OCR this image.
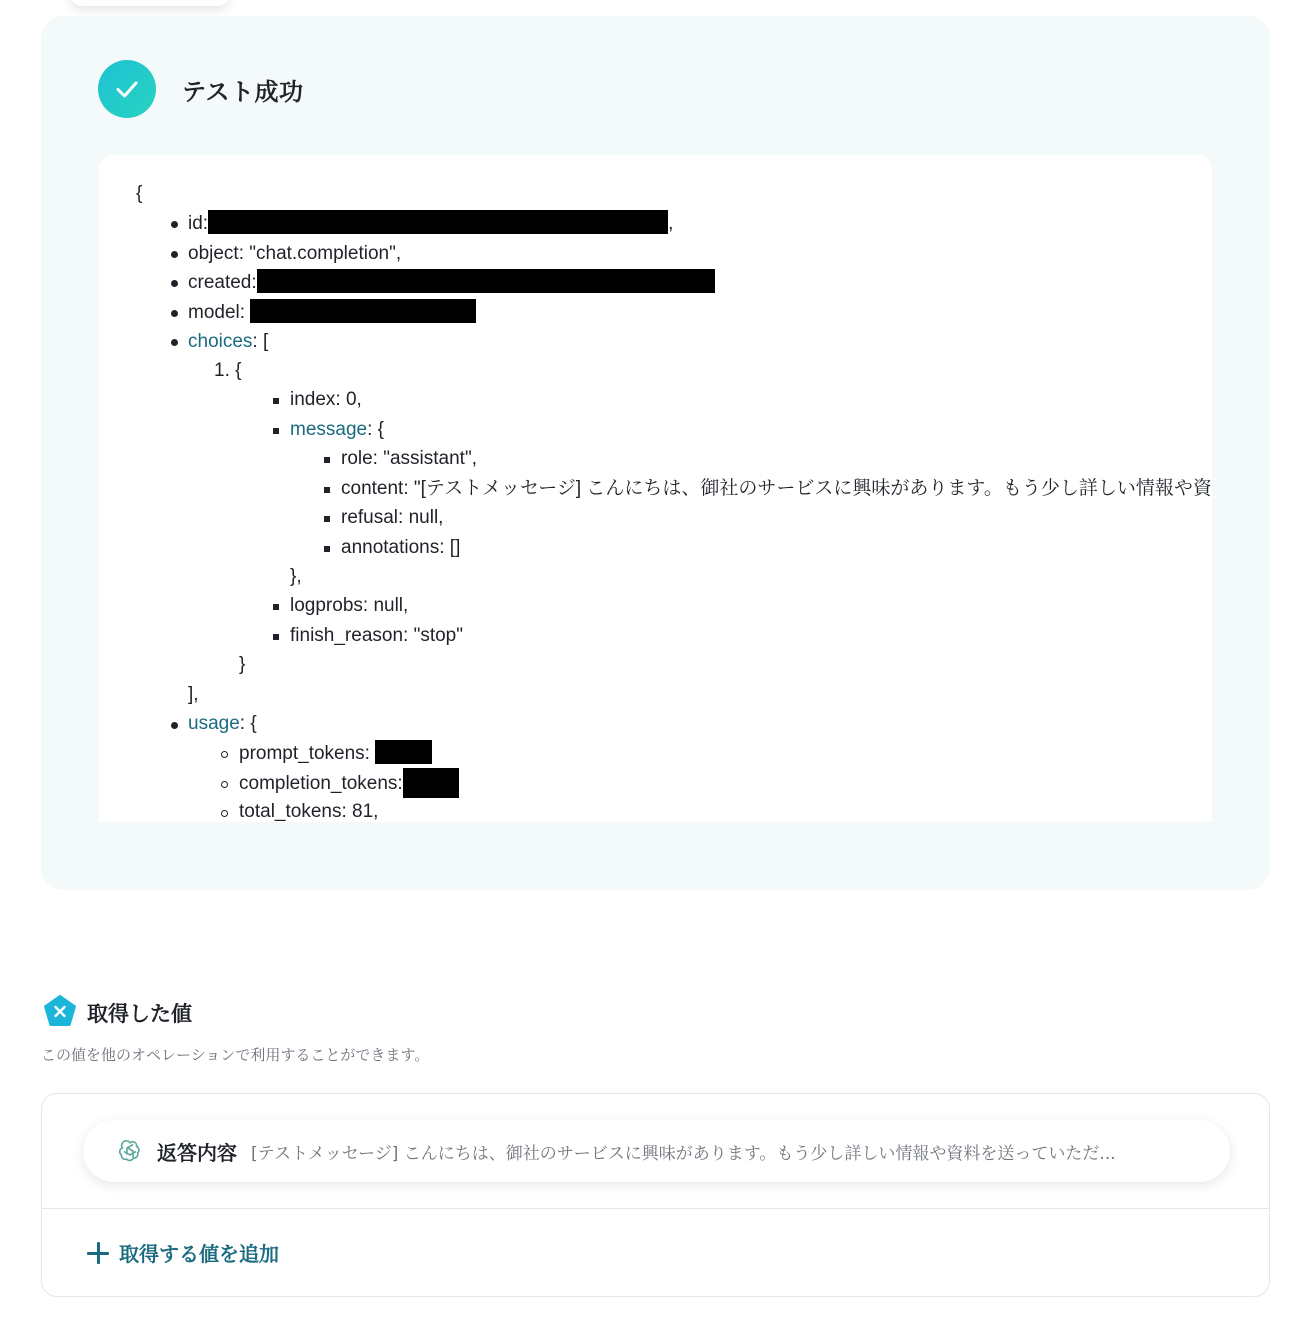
テスト成功
{
id:	,
object: "chat.completion",
created:
model:
choices: [
1. {
index: 0,
message: {
role: "assistant",
content: "[テストメッセージ] こんにちは、御社のサービスに興味があります。もう少し詳しい情報や資
refusal: null,
annotations: []
},
logprobs: null,
finish_reason: "stop"
}
],
usage: {
prompt_tokens:
completion_tokens:
total_tokens: 81,
取得した値
この値を他のオペレーションで利用することができます。
返答内容 [テストメッセージ] こんにちは、御社のサービスに興味があります。もう少し詳しい情報や資料を送っていただ...
取得する値を追加
